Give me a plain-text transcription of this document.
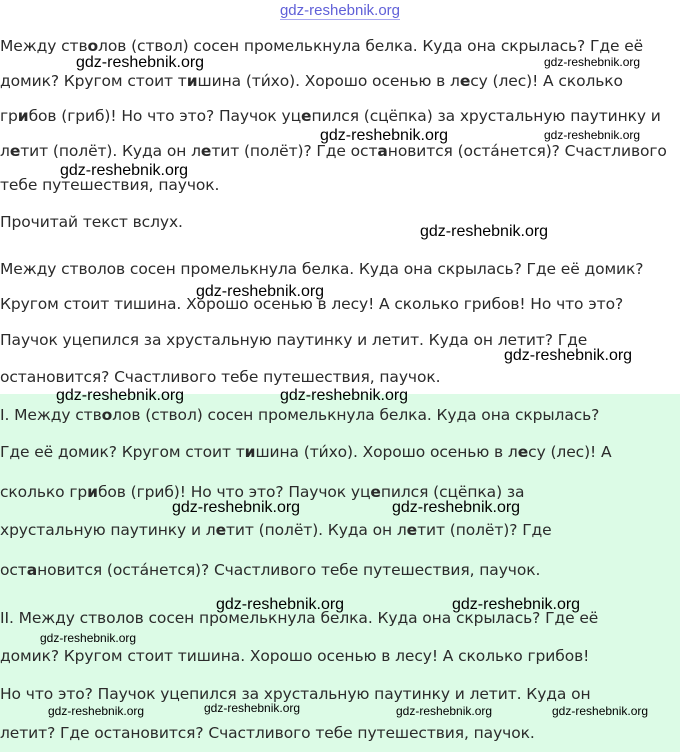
gdz-reshebnik.org
Между стволов (ствол) сосен промелькнула белка. Куда она скрылась? Где её
домик? Кругом стоит тишина (ти́хо). Хорошо осенью в лесу (лес)! А сколько
грибов (гриб)! Но что это? Паучок уцепился (сцёпка) за хрустальную паутинку и
летит (полёт). Куда он летит (полёт)? Где остановится (оста́нется)? Счастливого
тебе путешествия, паучок.
Прочитай текст вслух.
Между стволов сосен промелькнула белка. Куда она скрылась? Где её домик?
Кругом стоит тишина. Хорошо осенью в лесу! А сколько грибов! Но что это?
Паучок уцепился за хрустальную паутинку и летит. Куда он летит? Где
остановится? Счастливого тебе путешествия, паучок.
I. Между стволов (ствол) сосен промелькнула белка. Куда она скрылась?
Где её домик? Кругом стоит тишина (ти́хо). Хорошо осенью в лесу (лес)! А
сколько грибов (гриб)! Но что это? Паучок уцепился (сцёпка) за
хрустальную паутинку и летит (полёт). Куда он летит (полёт)? Где
остановится (оста́нется)? Счастливого тебе путешествия, паучок.
II. Между стволов сосен промелькнула белка. Куда она скрылась? Где её
домик? Кругом стоит тишина. Хорошо осенью в лесу! А сколько грибов!
Но что это? Паучок уцепился за хрустальную паутинку и летит. Куда он
летит? Где остановится? Счастливого тебе путешествия, паучок.
gdz-reshebnik.org	gdz-reshebnik.org
gdz-reshebnik.org	gdz-reshebnik.org
gdz-reshebnik.org
gdz-reshebnik.org
gdz-reshebnik.org
gdz-reshebnik.org
gdz-reshebnik.org	gdz-reshebnik.org
gdz-reshebnik.org	gdz-reshebnik.org
gdz-reshebnik.org	gdz-reshebnik.org
gdz-reshebnik.org
gdz-reshebnik.org	gdz-reshebnik.org	gdz-reshebnik.org	gdz-reshebnik.org
